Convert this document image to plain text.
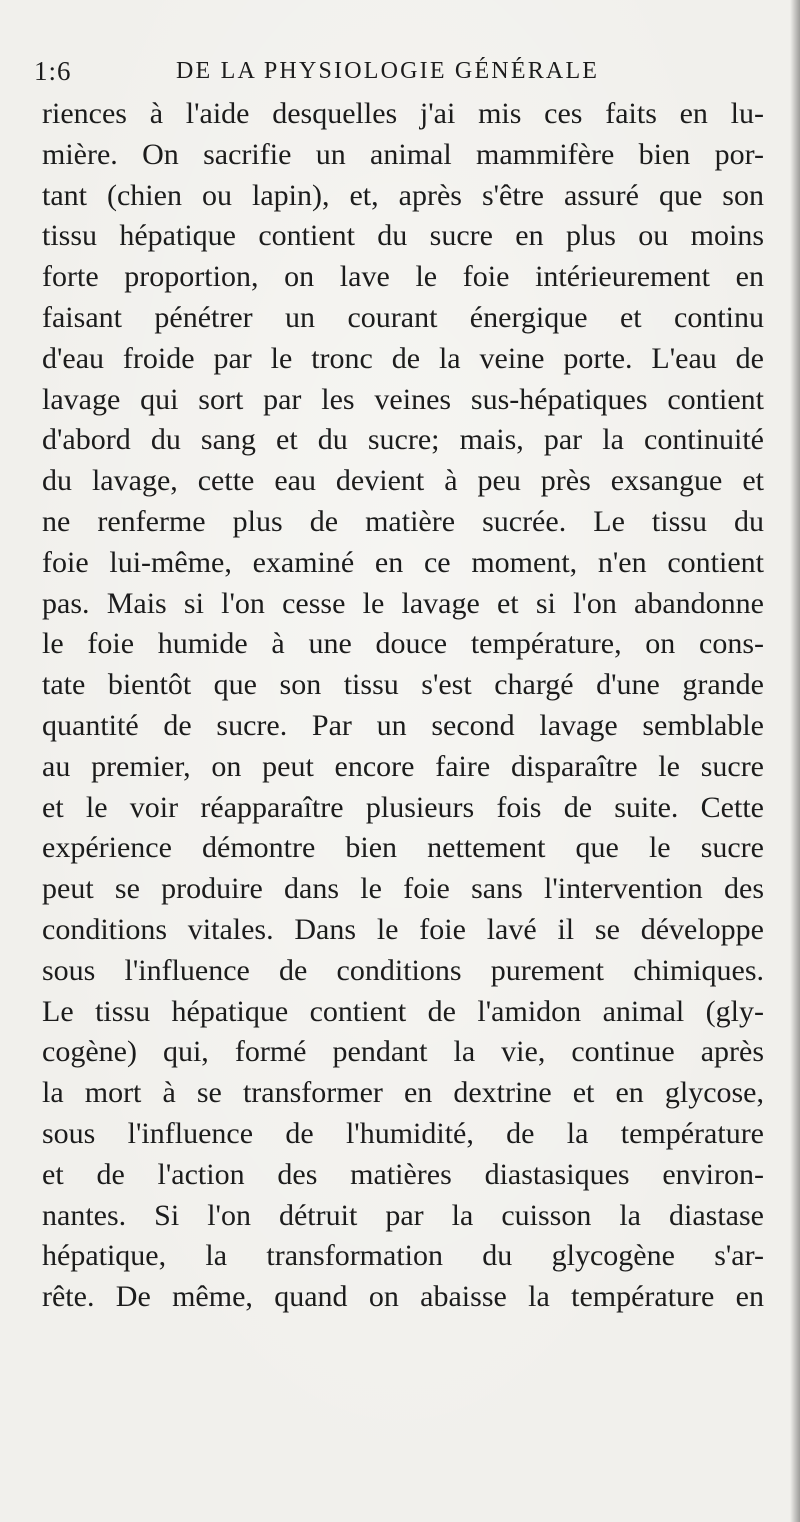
1:6	DE LA PHYSIOLOGIE GÉNÉRALE
riences à l'aide desquelles j'ai mis ces faits en lu-
mière. On sacrifie un animal mammifère bien por-
tant (chien ou lapin), et, après s'être assuré que son
tissu hépatique contient du sucre en plus ou moins
forte proportion, on lave le foie intérieurement en
faisant pénétrer un courant énergique et continu
d'eau froide par le tronc de la veine porte. L'eau de
lavage qui sort par les veines sus-hépatiques contient
d'abord du sang et du sucre; mais, par la continuité
du lavage, cette eau devient à peu près exsangue et
ne renferme plus de matière sucrée. Le tissu du
foie lui-même, examiné en ce moment, n'en contient
pas. Mais si l'on cesse le lavage et si l'on abandonne
le foie humide à une douce température, on cons-
tate bientôt que son tissu s'est chargé d'une grande
quantité de sucre. Par un second lavage semblable
au premier, on peut encore faire disparaître le sucre
et le voir réapparaître plusieurs fois de suite. Cette
expérience démontre bien nettement que le sucre
peut se produire dans le foie sans l'intervention des
conditions vitales. Dans le foie lavé il se développe
sous l'influence de conditions purement chimiques.
Le tissu hépatique contient de l'amidon animal (gly-
cogène) qui, formé pendant la vie, continue après
la mort à se transformer en dextrine et en glycose,
sous l'influence de l'humidité, de la température
et de l'action des matières diastasiques environ-
nantes. Si l'on détruit par la cuisson la diastase
hépatique, la transformation du glycogène s'ar-
rête. De même, quand on abaisse la température en
